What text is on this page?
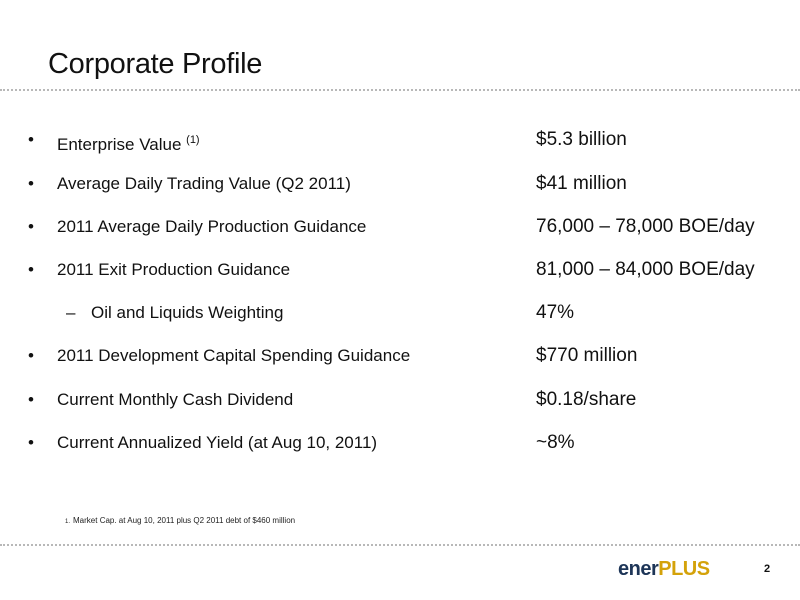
Corporate Profile
• Enterprise Value $^{(1)}$	$5.3 billion
• Average Daily Trading Value (Q2 2011)	$41 million
• 2011 Average Daily Production Guidance	76,000 – 78,000 BOE/day
• 2011 Exit Production Guidance	81,000 – 84,000 BOE/day
– Oil and Liquids Weighting	47%
• 2011 Development Capital Spending Guidance	$770 million
• Current Monthly Cash Dividend	$0.18/share
• Current Annualized Yield (at Aug 10, 2011)	~8%
1. Market Cap. at Aug 10, 2011 plus Q2 2011 debt of $460 million
enerPLUS	2
